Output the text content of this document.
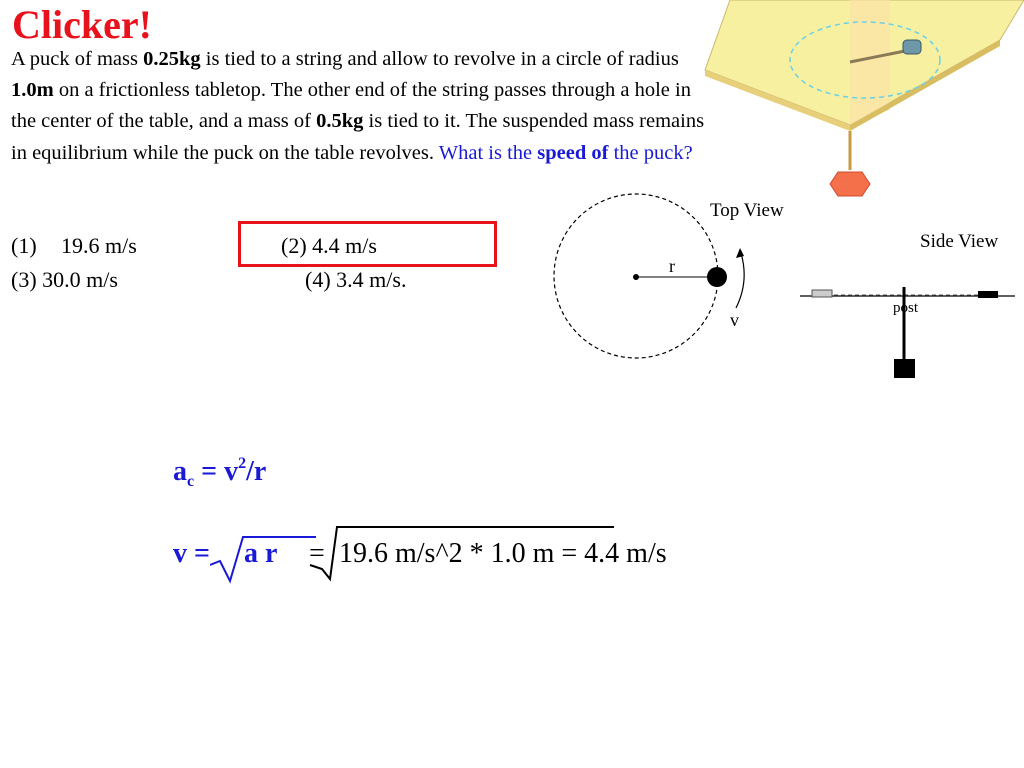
Clicker!
A puck of mass 0.25kg is tied to a string and allow to revolve in a circle of radius 1.0m on a frictionless tabletop. The other end of the string passes through a hole in the center of the table, and a mass of 0.5kg is tied to it. The suspended mass remains in equilibrium while the puck on the table revolves. What is the speed of the puck?
(1) 19.6 m/s	(2) 4.4 m/s
(3) 30.0 m/s	(4) 3.4 m/s.
r
v
Top View
Side View
post
$a_c = v^2/r$
v = a r = 19.6 m/s^2 * 1.0 m = 4.4 m/s
